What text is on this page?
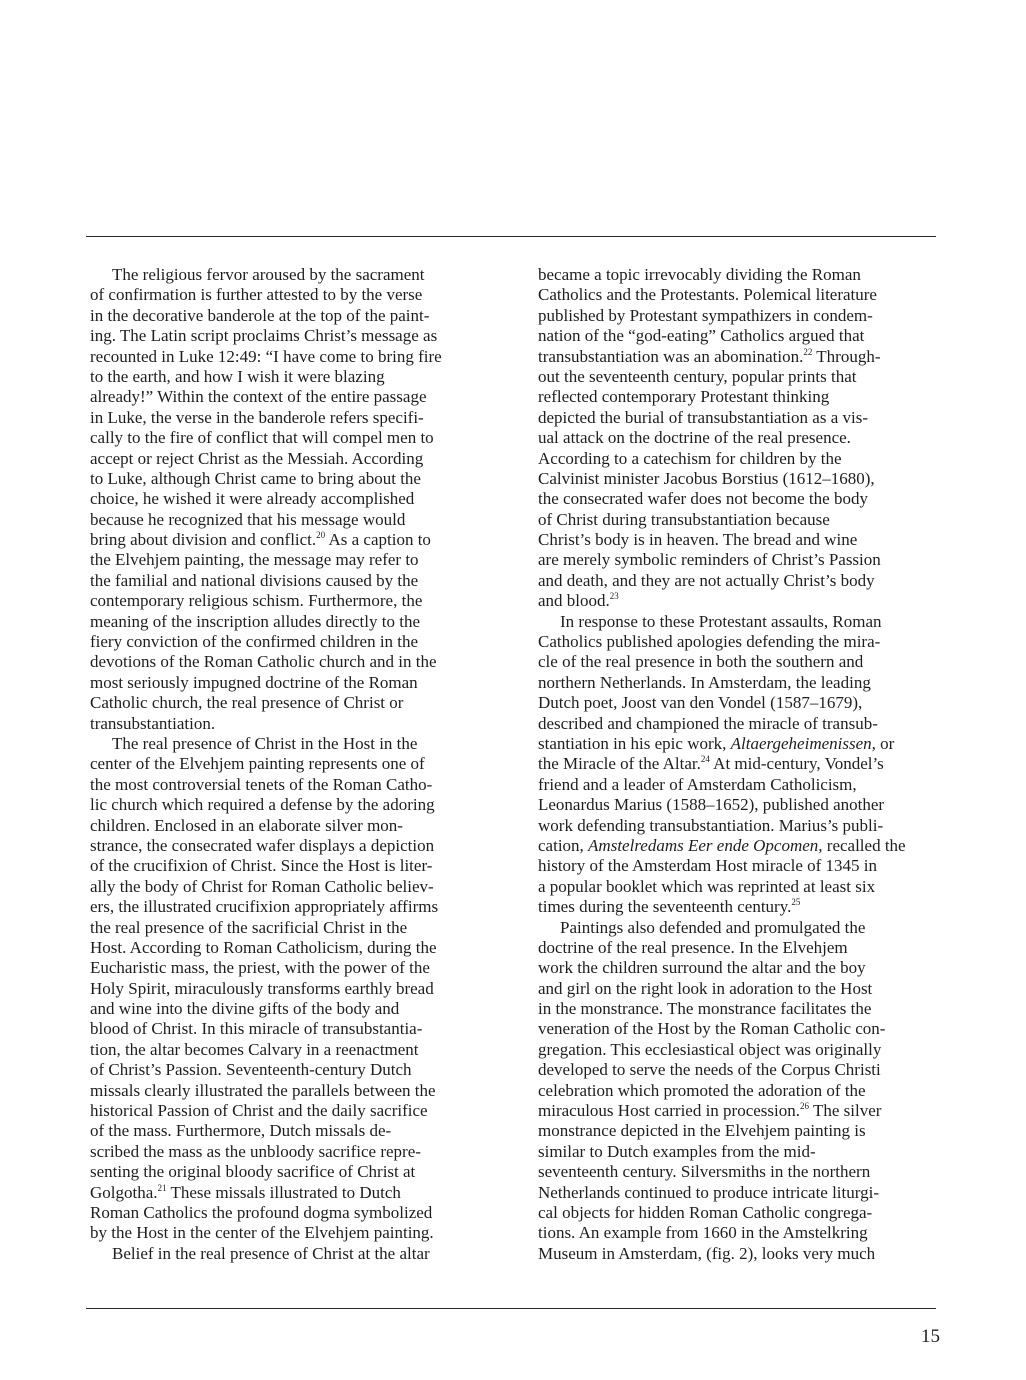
The religious fervor aroused by the sacrament
of confirmation is further attested to by the verse
in the decorative banderole at the top of the paint-
ing. The Latin script proclaims Christ’s message as
recounted in Luke 12:49: “I have come to bring fire
to the earth, and how I wish it were blazing
already!” Within the context of the entire passage
in Luke, the verse in the banderole refers specifi-
cally to the fire of conflict that will compel men to
accept or reject Christ as the Messiah. According
to Luke, although Christ came to bring about the
choice, he wished it were already accomplished
because he recognized that his message would
bring about division and conflict.$^{20}$ As a caption to
the Elvehjem painting, the message may refer to
the familial and national divisions caused by the
contemporary religious schism. Furthermore, the
meaning of the inscription alludes directly to the
fiery conviction of the confirmed children in the
devotions of the Roman Catholic church and in the
most seriously impugned doctrine of the Roman
Catholic church, the real presence of Christ or
transubstantiation.
The real presence of Christ in the Host in the
center of the Elvehjem painting represents one of
the most controversial tenets of the Roman Catho-
lic church which required a defense by the adoring
children. Enclosed in an elaborate silver mon-
strance, the consecrated wafer displays a depiction
of the crucifixion of Christ. Since the Host is liter-
ally the body of Christ for Roman Catholic believ-
ers, the illustrated crucifixion appropriately affirms
the real presence of the sacrificial Christ in the
Host. According to Roman Catholicism, during the
Eucharistic mass, the priest, with the power of the
Holy Spirit, miraculously transforms earthly bread
and wine into the divine gifts of the body and
blood of Christ. In this miracle of transubstantia-
tion, the altar becomes Calvary in a reenactment
of Christ’s Passion. Seventeenth-century Dutch
missals clearly illustrated the parallels between the
historical Passion of Christ and the daily sacrifice
of the mass. Furthermore, Dutch missals de-
scribed the mass as the unbloody sacrifice repre-
senting the original bloody sacrifice of Christ at
Golgotha.$^{21}$ These missals illustrated to Dutch
Roman Catholics the profound dogma symbolized
by the Host in the center of the Elvehjem painting.
Belief in the real presence of Christ at the altar
became a topic irrevocably dividing the Roman
Catholics and the Protestants. Polemical literature
published by Protestant sympathizers in condem-
nation of the “god-eating” Catholics argued that
transubstantiation was an abomination.$^{22}$ Through-
out the seventeenth century, popular prints that
reflected contemporary Protestant thinking
depicted the burial of transubstantiation as a vis-
ual attack on the doctrine of the real presence.
According to a catechism for children by the
Calvinist minister Jacobus Borstius (1612–1680),
the consecrated wafer does not become the body
of Christ during transubstantiation because
Christ’s body is in heaven. The bread and wine
are merely symbolic reminders of Christ’s Passion
and death, and they are not actually Christ’s body
and blood.$^{23}$
In response to these Protestant assaults, Roman
Catholics published apologies defending the mira-
cle of the real presence in both the southern and
northern Netherlands. In Amsterdam, the leading
Dutch poet, Joost van den Vondel (1587–1679),
described and championed the miracle of transub-
stantiation in his epic work, Altaergeheimenissen, or
the Miracle of the Altar.$^{24}$ At mid-century, Vondel’s
friend and a leader of Amsterdam Catholicism,
Leonardus Marius (1588–1652), published another
work defending transubstantiation. Marius’s publi-
cation, Amstelredams Eer ende Opcomen, recalled the
history of the Amsterdam Host miracle of 1345 in
a popular booklet which was reprinted at least six
times during the seventeenth century.$^{25}$
Paintings also defended and promulgated the
doctrine of the real presence. In the Elvehjem
work the children surround the altar and the boy
and girl on the right look in adoration to the Host
in the monstrance. The monstrance facilitates the
veneration of the Host by the Roman Catholic con-
gregation. This ecclesiastical object was originally
developed to serve the needs of the Corpus Christi
celebration which promoted the adoration of the
miraculous Host carried in procession.$^{26}$ The silver
monstrance depicted in the Elvehjem painting is
similar to Dutch examples from the mid-
seventeenth century. Silversmiths in the northern
Netherlands continued to produce intricate liturgi-
cal objects for hidden Roman Catholic congrega-
tions. An example from 1660 in the Amstelkring
Museum in Amsterdam, (fig. 2), looks very much
15
